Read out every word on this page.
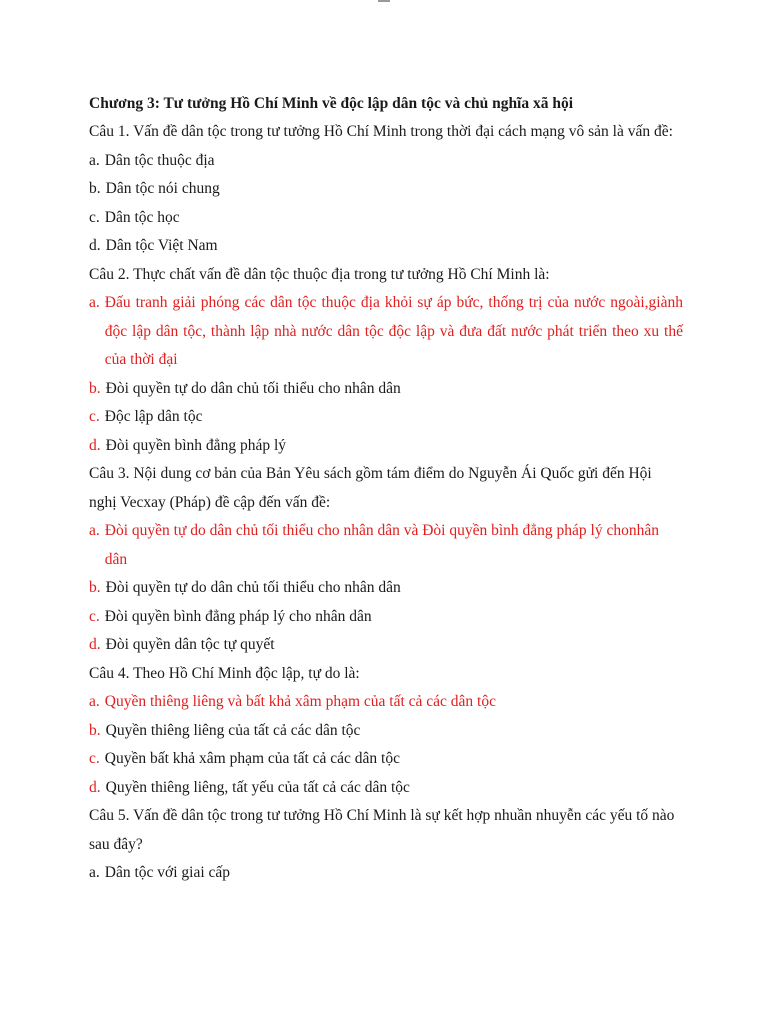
Chương 3: Tư tưởng Hồ Chí Minh về độc lập dân tộc và chủ nghĩa xã hội
Câu 1. Vấn đề dân tộc trong tư tưởng Hồ Chí Minh trong thời đại cách mạng vô sản là vấn đề:
a. Dân tộc thuộc địa
b. Dân tộc nói chung
c. Dân tộc học
d. Dân tộc Việt Nam
Câu 2. Thực chất vấn đề dân tộc thuộc địa trong tư tưởng Hồ Chí Minh là:
a. Đấu tranh giải phóng các dân tộc thuộc địa khỏi sự áp bức, thống trị của nước ngoài,giành độc lập dân tộc, thành lập nhà nước dân tộc độc lập và đưa đất nước phát triển theo xu thế của thời đại
b. Đòi quyền tự do dân chủ tối thiểu cho nhân dân
c. Độc lập dân tộc
d. Đòi quyền bình đẳng pháp lý
Câu 3. Nội dung cơ bản của Bản Yêu sách gồm tám điểm do Nguyễn Ái Quốc gửi đến Hội nghị Vecxay (Pháp) đề cập đến vấn đề:
a. Đòi quyền tự do dân chủ tối thiểu cho nhân dân và Đòi quyền bình đẳng pháp lý chonhân dân
b. Đòi quyền tự do dân chủ tối thiểu cho nhân dân
c. Đòi quyền bình đẳng pháp lý cho nhân dân
d. Đòi quyền dân tộc tự quyết
Câu 4. Theo Hồ Chí Minh độc lập, tự do là:
a. Quyền thiêng liêng và bất khả xâm phạm của tất cả các dân tộc
b. Quyền thiêng liêng của tất cả các dân tộc
c. Quyền bất khả xâm phạm của tất cả các dân tộc
d. Quyền thiêng liêng, tất yếu của tất cả các dân tộc
Câu 5. Vấn đề dân tộc trong tư tưởng Hồ Chí Minh là sự kết hợp nhuần nhuyễn các yếu tố nào sau đây?
a. Dân tộc với giai cấp
